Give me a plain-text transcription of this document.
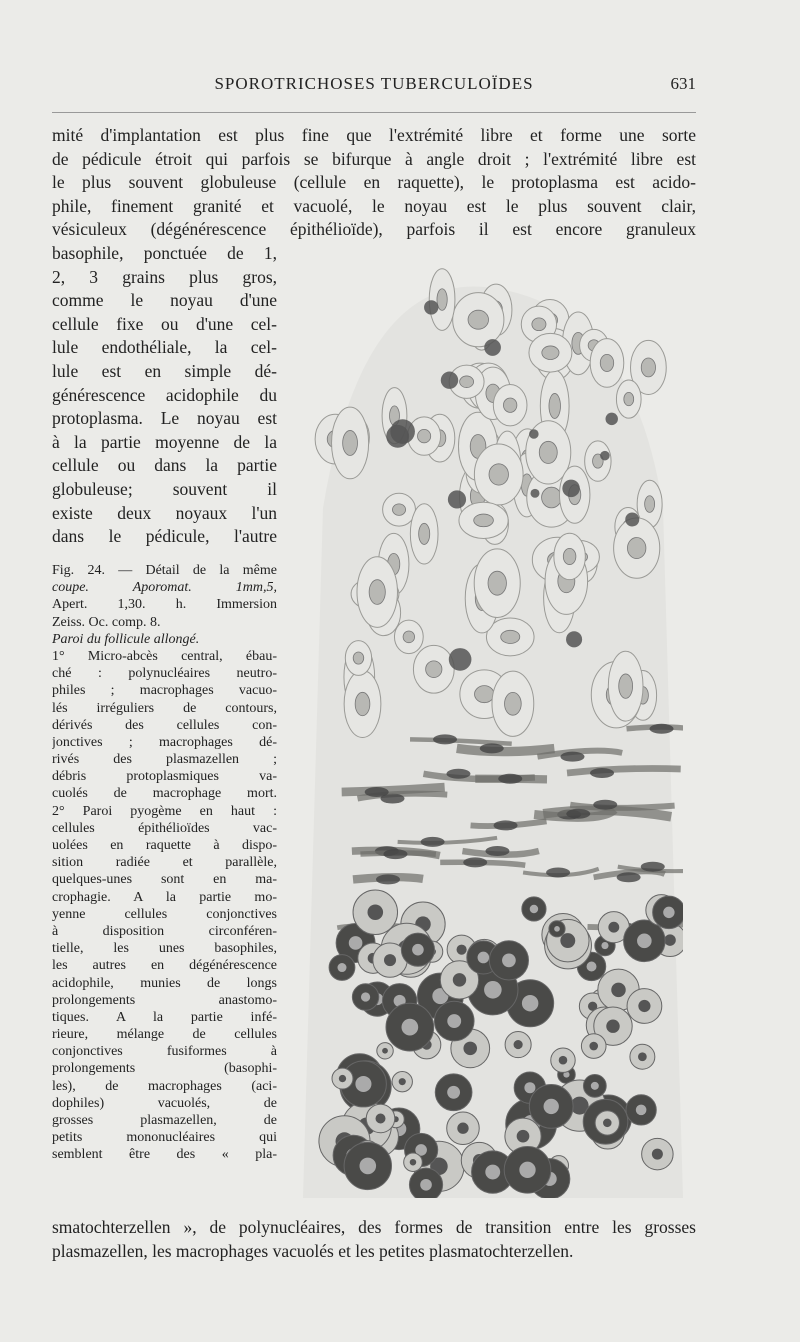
SPOROTRICHOSES TUBERCULOÏDES	631
mité d'implantation est plus fine que l'extrémité libre et forme une sorte
de pédicule étroit qui parfois se bifurque à angle droit ; l'extrémité libre est
le plus souvent globuleuse (cellule en raquette), le protoplasma est acido-
phile, finement granité et vacuolé, le noyau est le plus souvent clair,
vésiculeux (dégénérescence épithélioïde), parfois il est encore granuleux
basophile, ponctuée de 1,
2, 3 grains plus gros,
comme le noyau d'une
cellule fixe ou d'une cel-
lule endothéliale, la cel-
lule est en simple dé-
générescence acidophile du
protoplasma. Le noyau est
à la partie moyenne de la
cellule ou dans la partie
globuleuse; souvent il
existe deux noyaux l'un
dans le pédicule, l'autre
Fig. 24. — Détail de la même
coupe. Aporomat. 1mm,5,
Apert. 1,30. h. Immersion
Zeiss. Oc. comp. 8.
Paroi du follicule allongé.
1° Micro-abcès central, ébau-
ché : polynucléaires neutro-
philes ; macrophages vacuo-
lés irréguliers de contours,
dérivés des cellules con-
jonctives ; macrophages dé-
rivés des plasmazellen ;
débris protoplasmiques va-
cuolés de macrophage mort.
2° Paroi pyogème en haut :
cellules épithélioïdes vac-
uolées en raquette à dispo-
sition radiée et parallèle,
quelques-unes sont en ma-
crophagie. A la partie mo-
yenne cellules conjonctives
à disposition circonféren-
tielle, les unes basophiles,
les autres en dégénérescence
acidophile, munies de longs
prolongements anastomo-
tiques. A la partie infé-
rieure, mélange de cellules
conjonctives fusiformes à
prolongements (basophi-
les), de macrophages (aci-
dophiles) vacuolés, de
grosses plasmazellen, de
petits mononucléaires qui
semblent être des « pla-
smatochterzellen », de polynucléaires, des formes de transition entre les grosses
plasmazellen, les macrophages vacuolés et les petites plasmatochterzellen.
